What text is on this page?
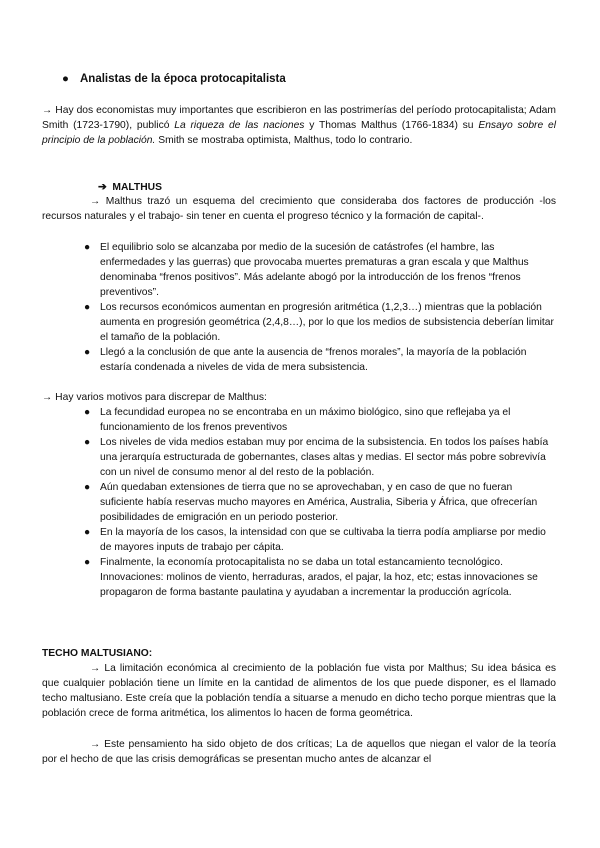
● Analistas de la época protocapitalista
→ Hay dos economistas muy importantes que escribieron en las postrimerías del período protocapitalista; Adam Smith (1723-1790), publicó La riqueza de las naciones y Thomas Malthus (1766-1834) su Ensayo sobre el principio de la población. Smith se mostraba optimista, Malthus, todo lo contrario.
➔ MALTHUS
→ Malthus trazó un esquema del crecimiento que consideraba dos factores de producción -los recursos naturales y el trabajo- sin tener en cuenta el progreso técnico y la formación de capital-.
● El equilibrio solo se alcanzaba por medio de la sucesión de catástrofes (el hambre, las enfermedades y las guerras) que provocaba muertes prematuras a gran escala y que Malthus denominaba “frenos positivos”. Más adelante abogó por la introducción de los frenos “frenos preventivos”.
● Los recursos económicos aumentan en progresión aritmética (1,2,3…) mientras que la población aumenta en progresión geométrica (2,4,8…), por lo que los medios de subsistencia deberían limitar el tamaño de la población.
● Llegó a la conclusión de que ante la ausencia de “frenos morales”, la mayoría de la población estaría condenada a niveles de vida de mera subsistencia.
→ Hay varios motivos para discrepar de Malthus:
● La fecundidad europea no se encontraba en un máximo biológico, sino que reflejaba ya el funcionamiento de los frenos preventivos
● Los niveles de vida medios estaban muy por encima de la subsistencia. En todos los países había una jerarquía estructurada de gobernantes, clases altas y medias. El sector más pobre sobrevivía con un nivel de consumo menor al del resto de la población.
● Aún quedaban extensiones de tierra que no se aprovechaban, y en caso de que no fueran suficiente había reservas mucho mayores en América, Australia, Siberia y África, que ofrecerían posibilidades de emigración en un periodo posterior.
● En la mayoría de los casos, la intensidad con que se cultivaba la tierra podía ampliarse por medio de mayores inputs de trabajo per cápita.
● Finalmente, la economía protocapitalista no se daba un total estancamiento tecnológico. Innovaciones: molinos de viento, herraduras, arados, el pajar, la hoz, etc; estas innovaciones se propagaron de forma bastante paulatina y ayudaban a incrementar la producción agrícola.
TECHO MALTUSIANO:
→ La limitación económica al crecimiento de la población fue vista por Malthus; Su idea básica es que cualquier población tiene un límite en la cantidad de alimentos de los que puede disponer, es el llamado techo maltusiano. Este creía que la población tendía a situarse a menudo en dicho techo porque mientras que la población crece de forma aritmética, los alimentos lo hacen de forma geométrica.
→ Este pensamiento ha sido objeto de dos críticas; La de aquellos que niegan el valor de la teoría por el hecho de que las crisis demográficas se presentan mucho antes de alcanzar el
